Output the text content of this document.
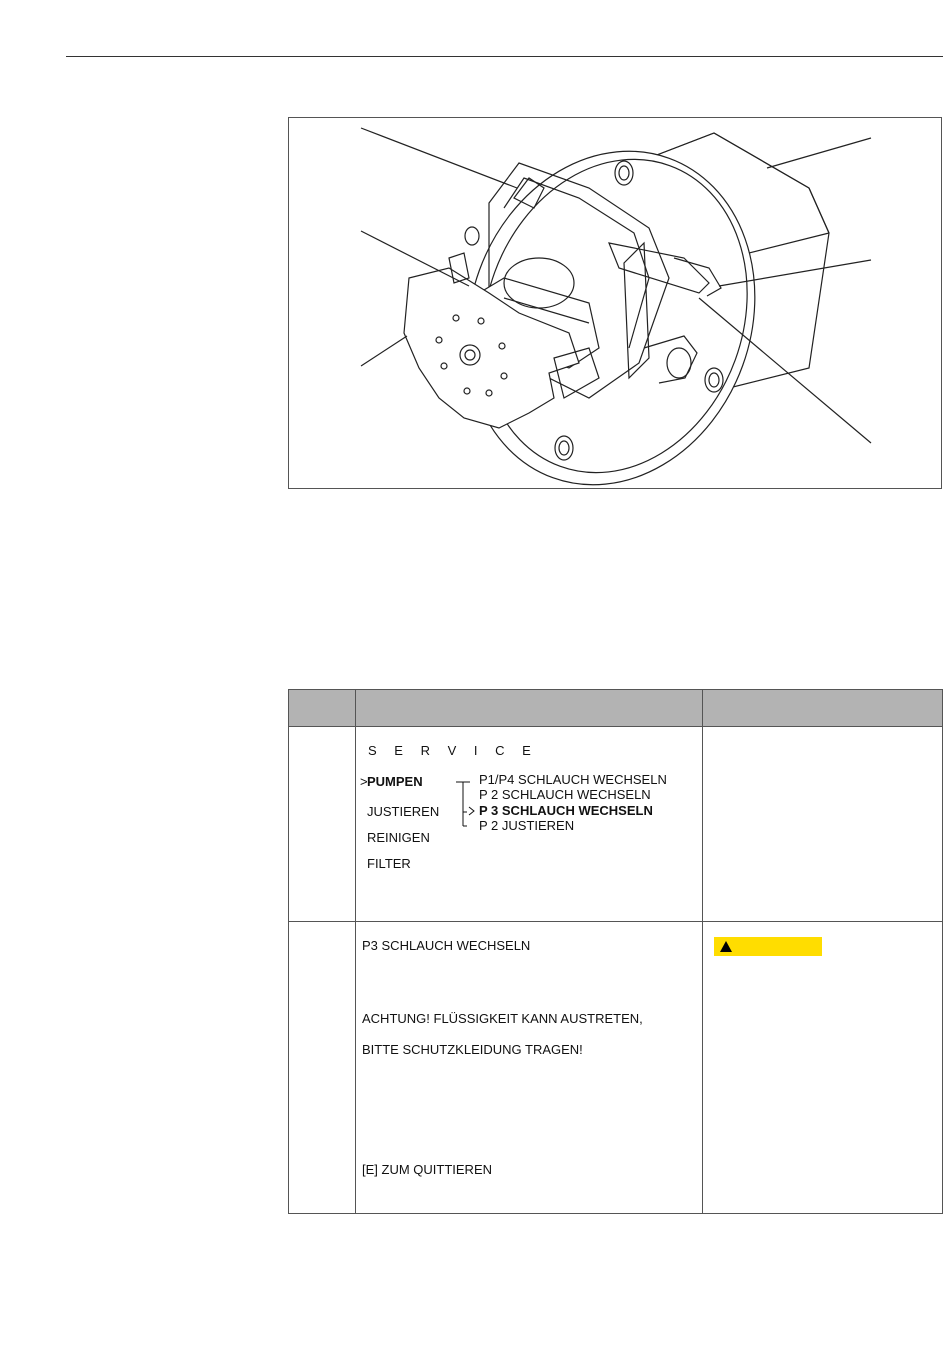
S E R V I C E
> PUMPEN
JUSTIEREN
REINIGEN
FILTER
P1/P4 SCHLAUCH WECHSELN
P 2 SCHLAUCH WECHSELN
P 3 SCHLAUCH WECHSELN
P 2 JUSTIEREN
P3 SCHLAUCH WECHSELN
ACHTUNG! FLÜSSIGKEIT KANN AUSTRETEN,
BITTE SCHUTZKLEIDUNG TRAGEN!
[E] ZUM QUITTIEREN
